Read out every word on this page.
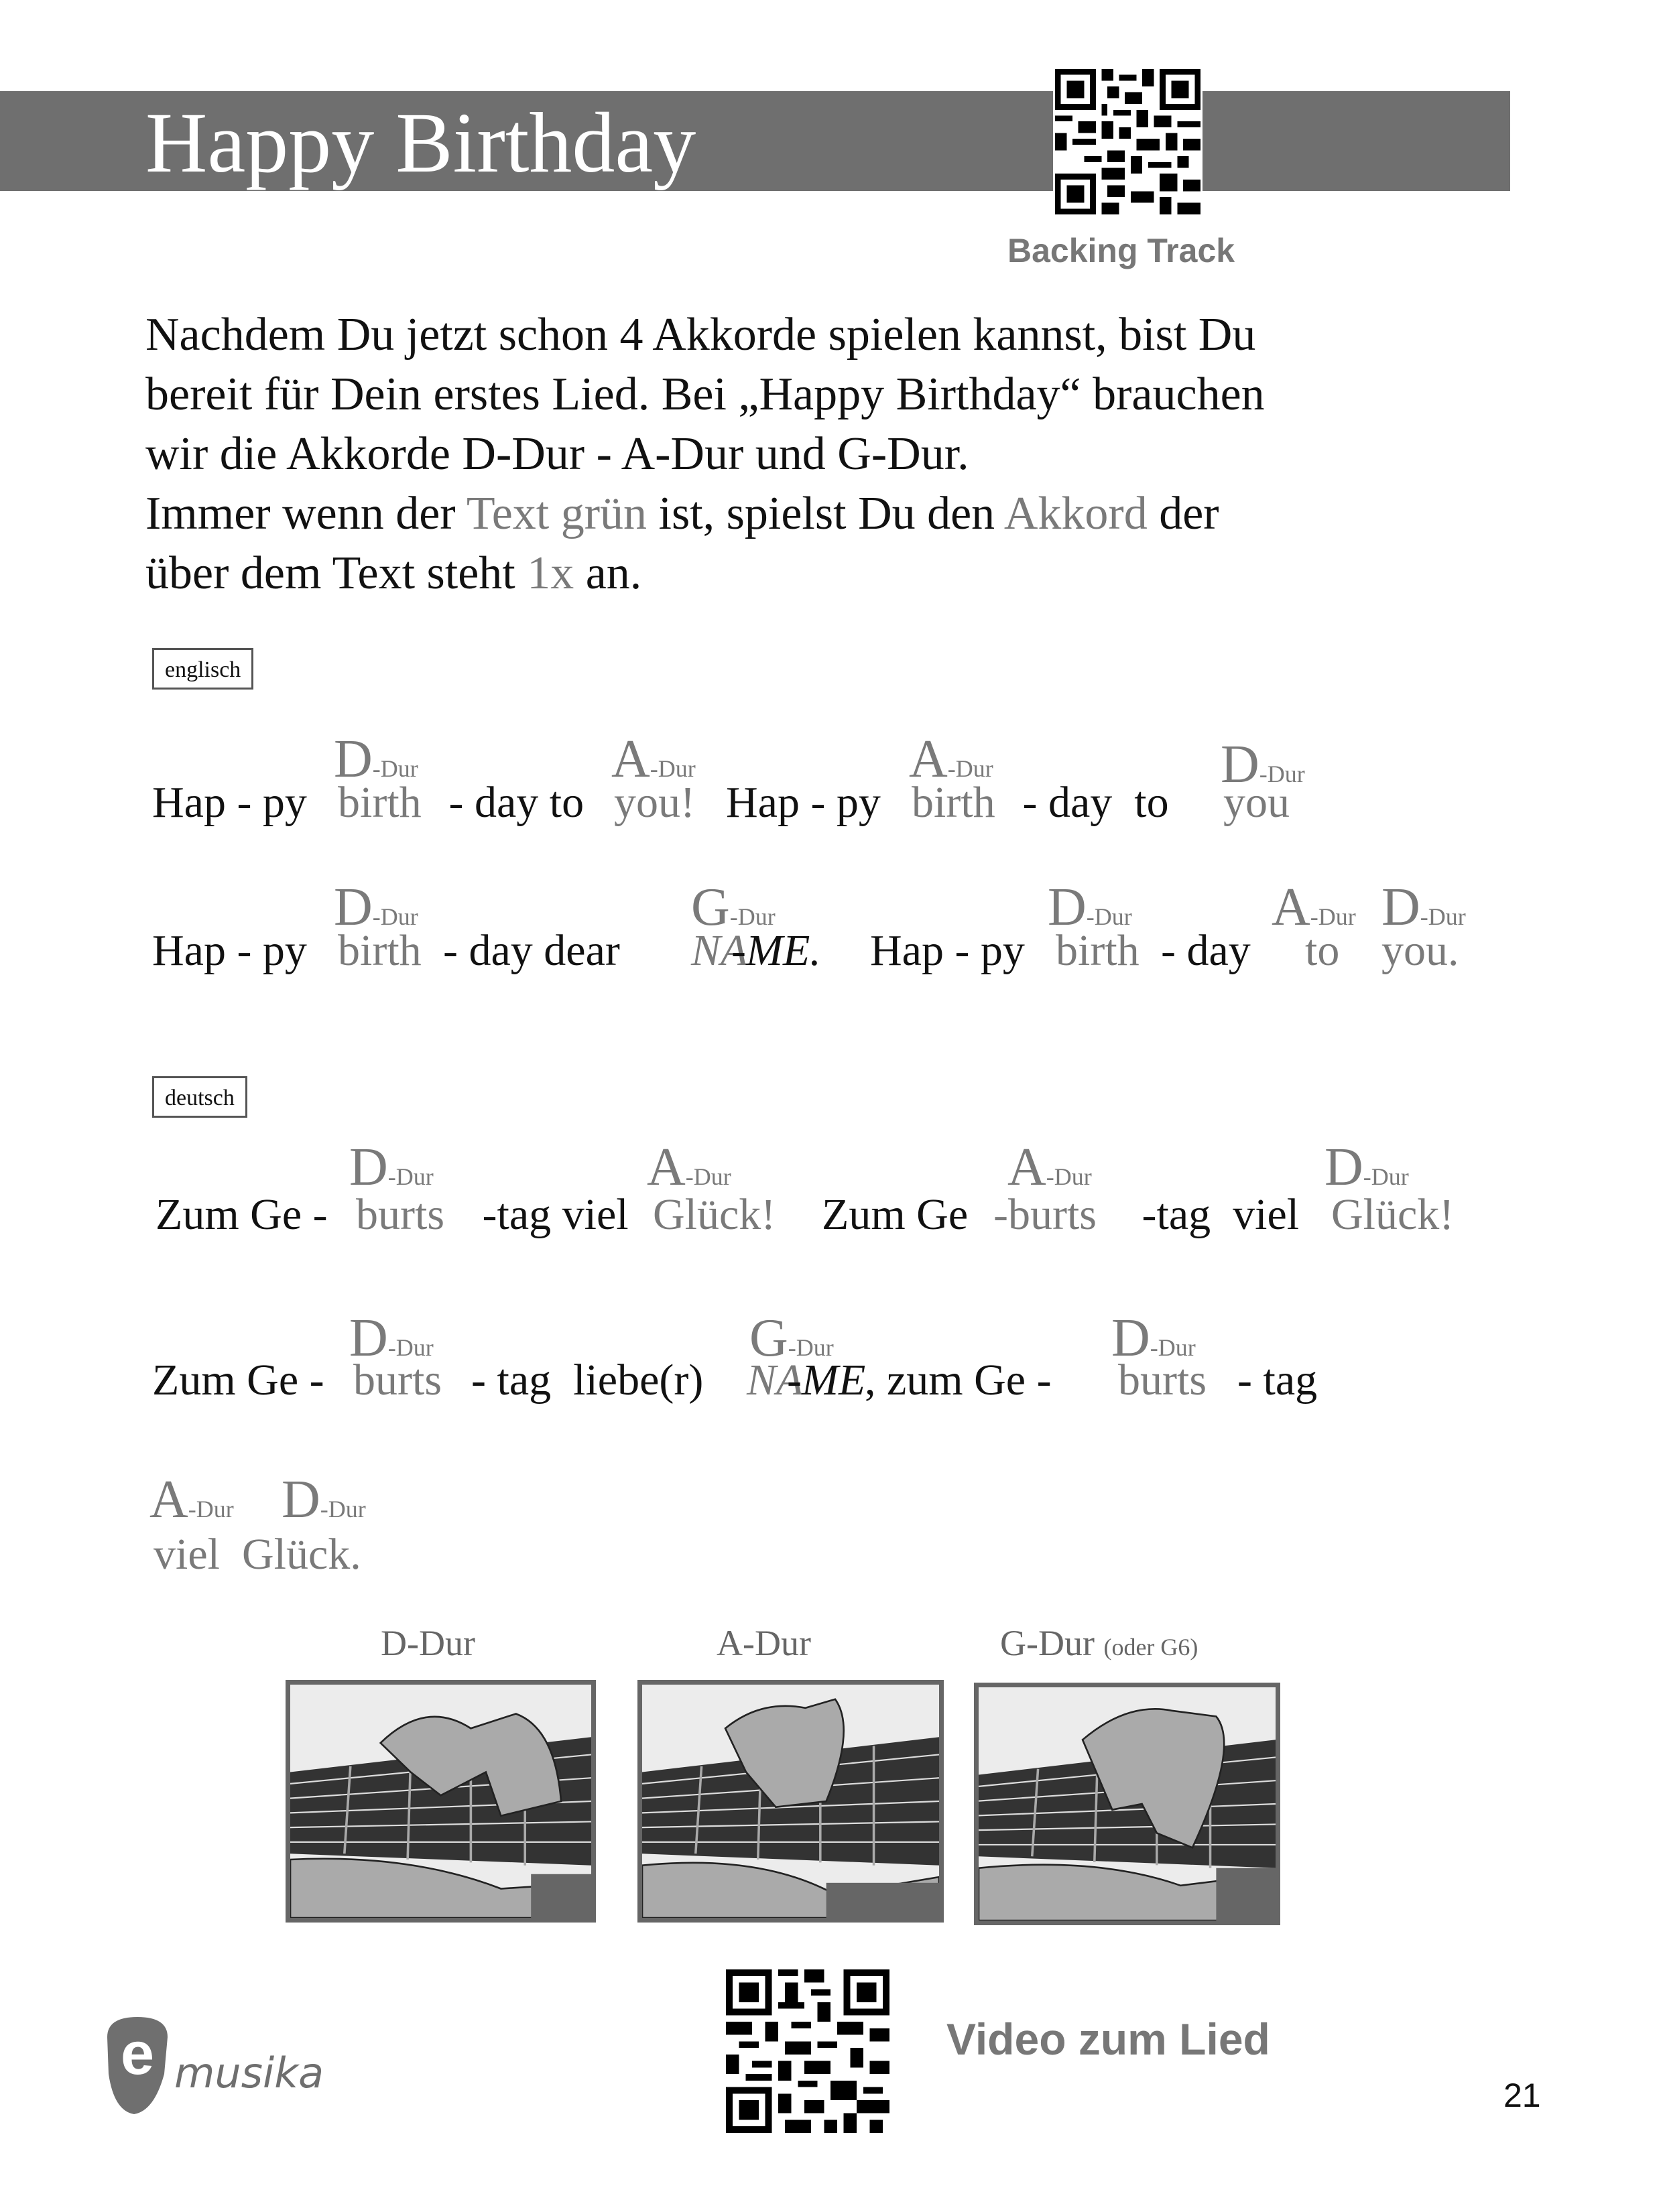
Happy Birthday
Backing Track
Nachdem Du jetzt schon 4 Akkorde spielen kannst, bist Du
bereit für Dein erstes Lied. Bei „Happy Birthday“ brauchen
wir die Akkorde D-Dur - A-Dur und G-Dur.
Immer wenn der Text grün ist, spielst Du den Akkord der
über dem Text steht 1x an.
englisch
deutsch
D-Dur	A-Dur	A-Dur	D-Dur
Hap - py birth - day to you! Hap - py birth - day  to you
D-Dur	G-Dur	D-Dur	A-Dur D-Dur
Hap - py birth - day dear NA
-ME. Hap - py birth - day to you.
D-Dur	A-Dur	A-Dur	D-Dur
Zum Ge - burts -tag viel Glück! Zum Ge -burts -tag  viel Glück!
D-Dur	G-Dur	D-Dur
Zum Ge - burts - tag  liebe(r) NA
-ME
, zum Ge - burts - tag
A-Dur D-Dur
viel  Glück.
D-Dur	A-Dur	G-Dur (oder G6)
e musika
Video zum Lied
21
